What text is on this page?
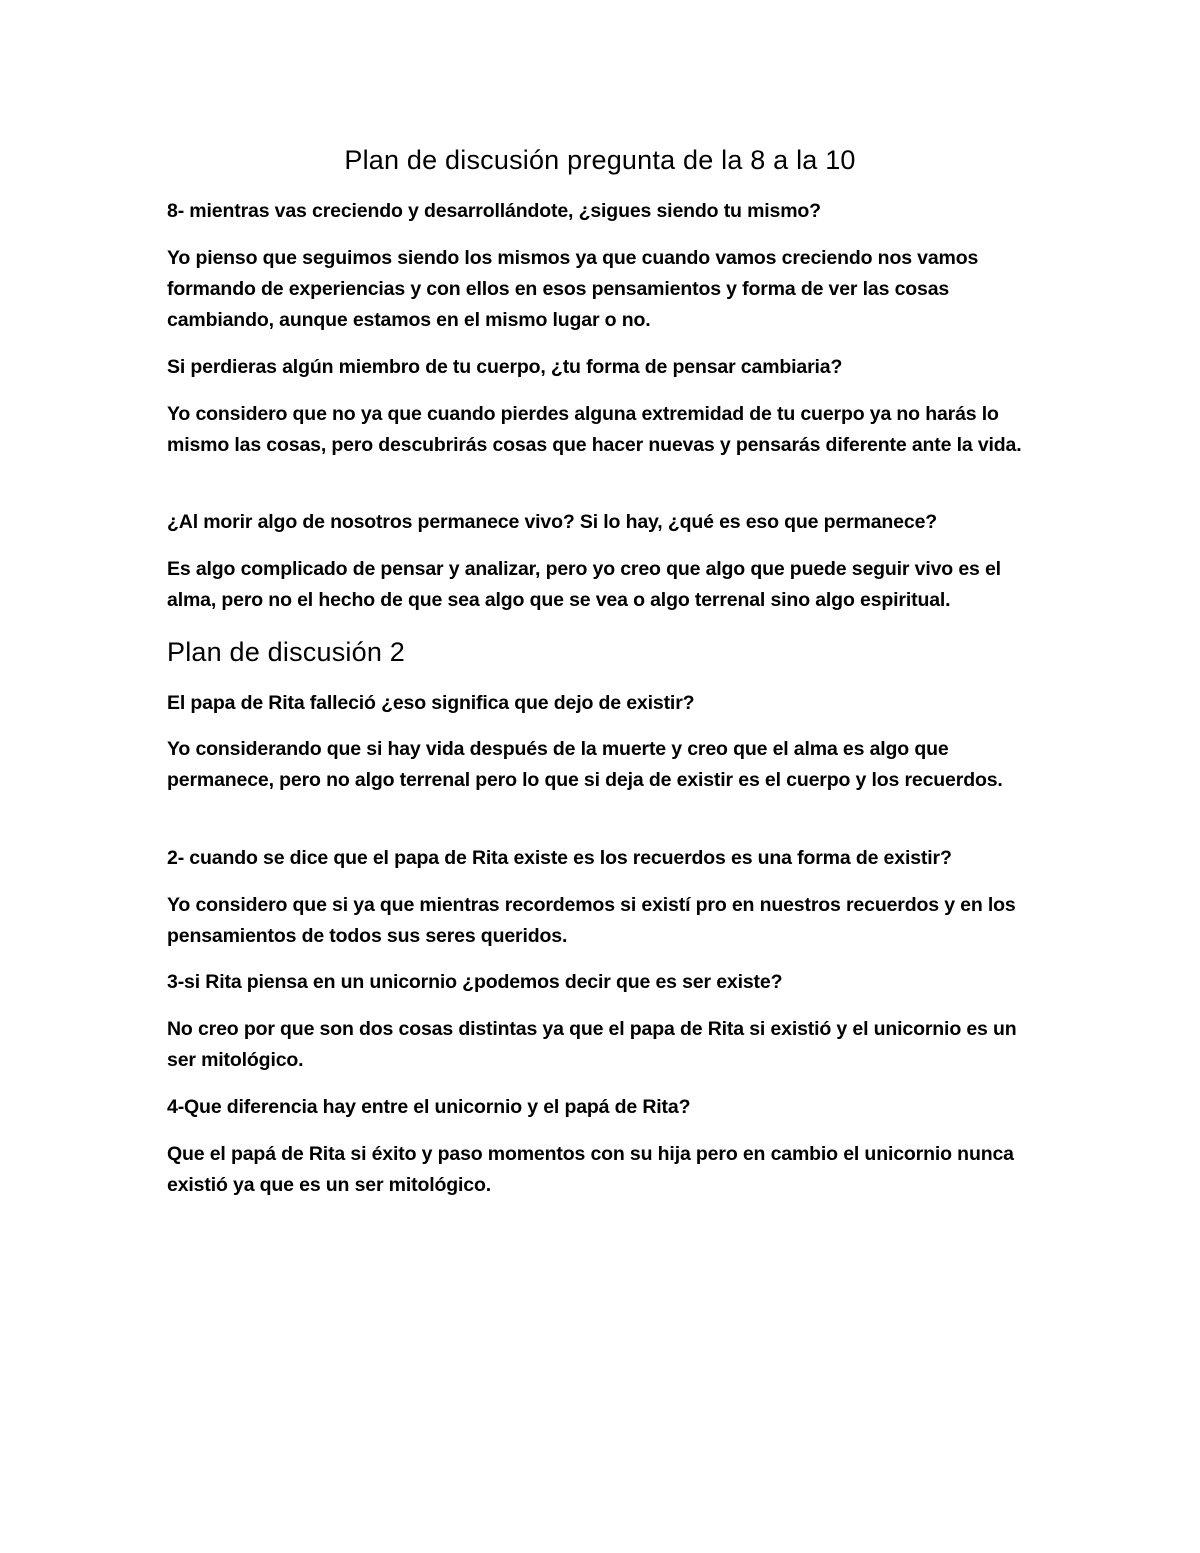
Plan de discusión pregunta de la 8 a la 10

8- mientras vas creciendo y desarrollándote, ¿sigues siendo tu mismo?

Yo pienso que seguimos siendo los mismos ya que cuando vamos creciendo nos vamos formando de experiencias y con ellos en esos pensamientos y forma de ver las cosas cambiando, aunque estamos en el mismo lugar o no.

Si perdieras algún miembro de tu cuerpo, ¿tu forma de pensar cambiaria?

Yo considero que no ya que cuando pierdes alguna extremidad de tu cuerpo ya no harás lo mismo las cosas, pero descubrirás cosas que hacer nuevas y pensarás diferente ante la vida.

¿Al morir algo de nosotros permanece vivo? Si lo hay, ¿qué es eso que permanece?

Es algo complicado de pensar y analizar, pero yo creo que algo que puede seguir vivo es el alma, pero no el hecho de que sea algo que se vea o algo terrenal sino algo espiritual.

Plan de discusión 2

El papa de Rita falleció ¿eso significa que dejo de existir?

Yo considerando que si hay vida después de la muerte y creo que el alma es algo que permanece, pero no algo terrenal pero lo que si deja de existir es el cuerpo y los recuerdos.

2- cuando se dice que el papa de Rita existe es los recuerdos es una forma de existir?

Yo considero que si ya que mientras recordemos si existí pro en nuestros recuerdos y en los pensamientos de todos sus seres queridos.

3-si Rita piensa en un unicornio ¿podemos decir que es ser existe?

No creo por que son dos cosas distintas ya que el papa de Rita si existió y el unicornio es un ser mitológico.

4-Que diferencia hay entre el unicornio y el papá de Rita?

Que el papá de Rita si éxito y paso momentos con su hija pero en cambio el unicornio nunca existió ya que es un ser mitológico.
